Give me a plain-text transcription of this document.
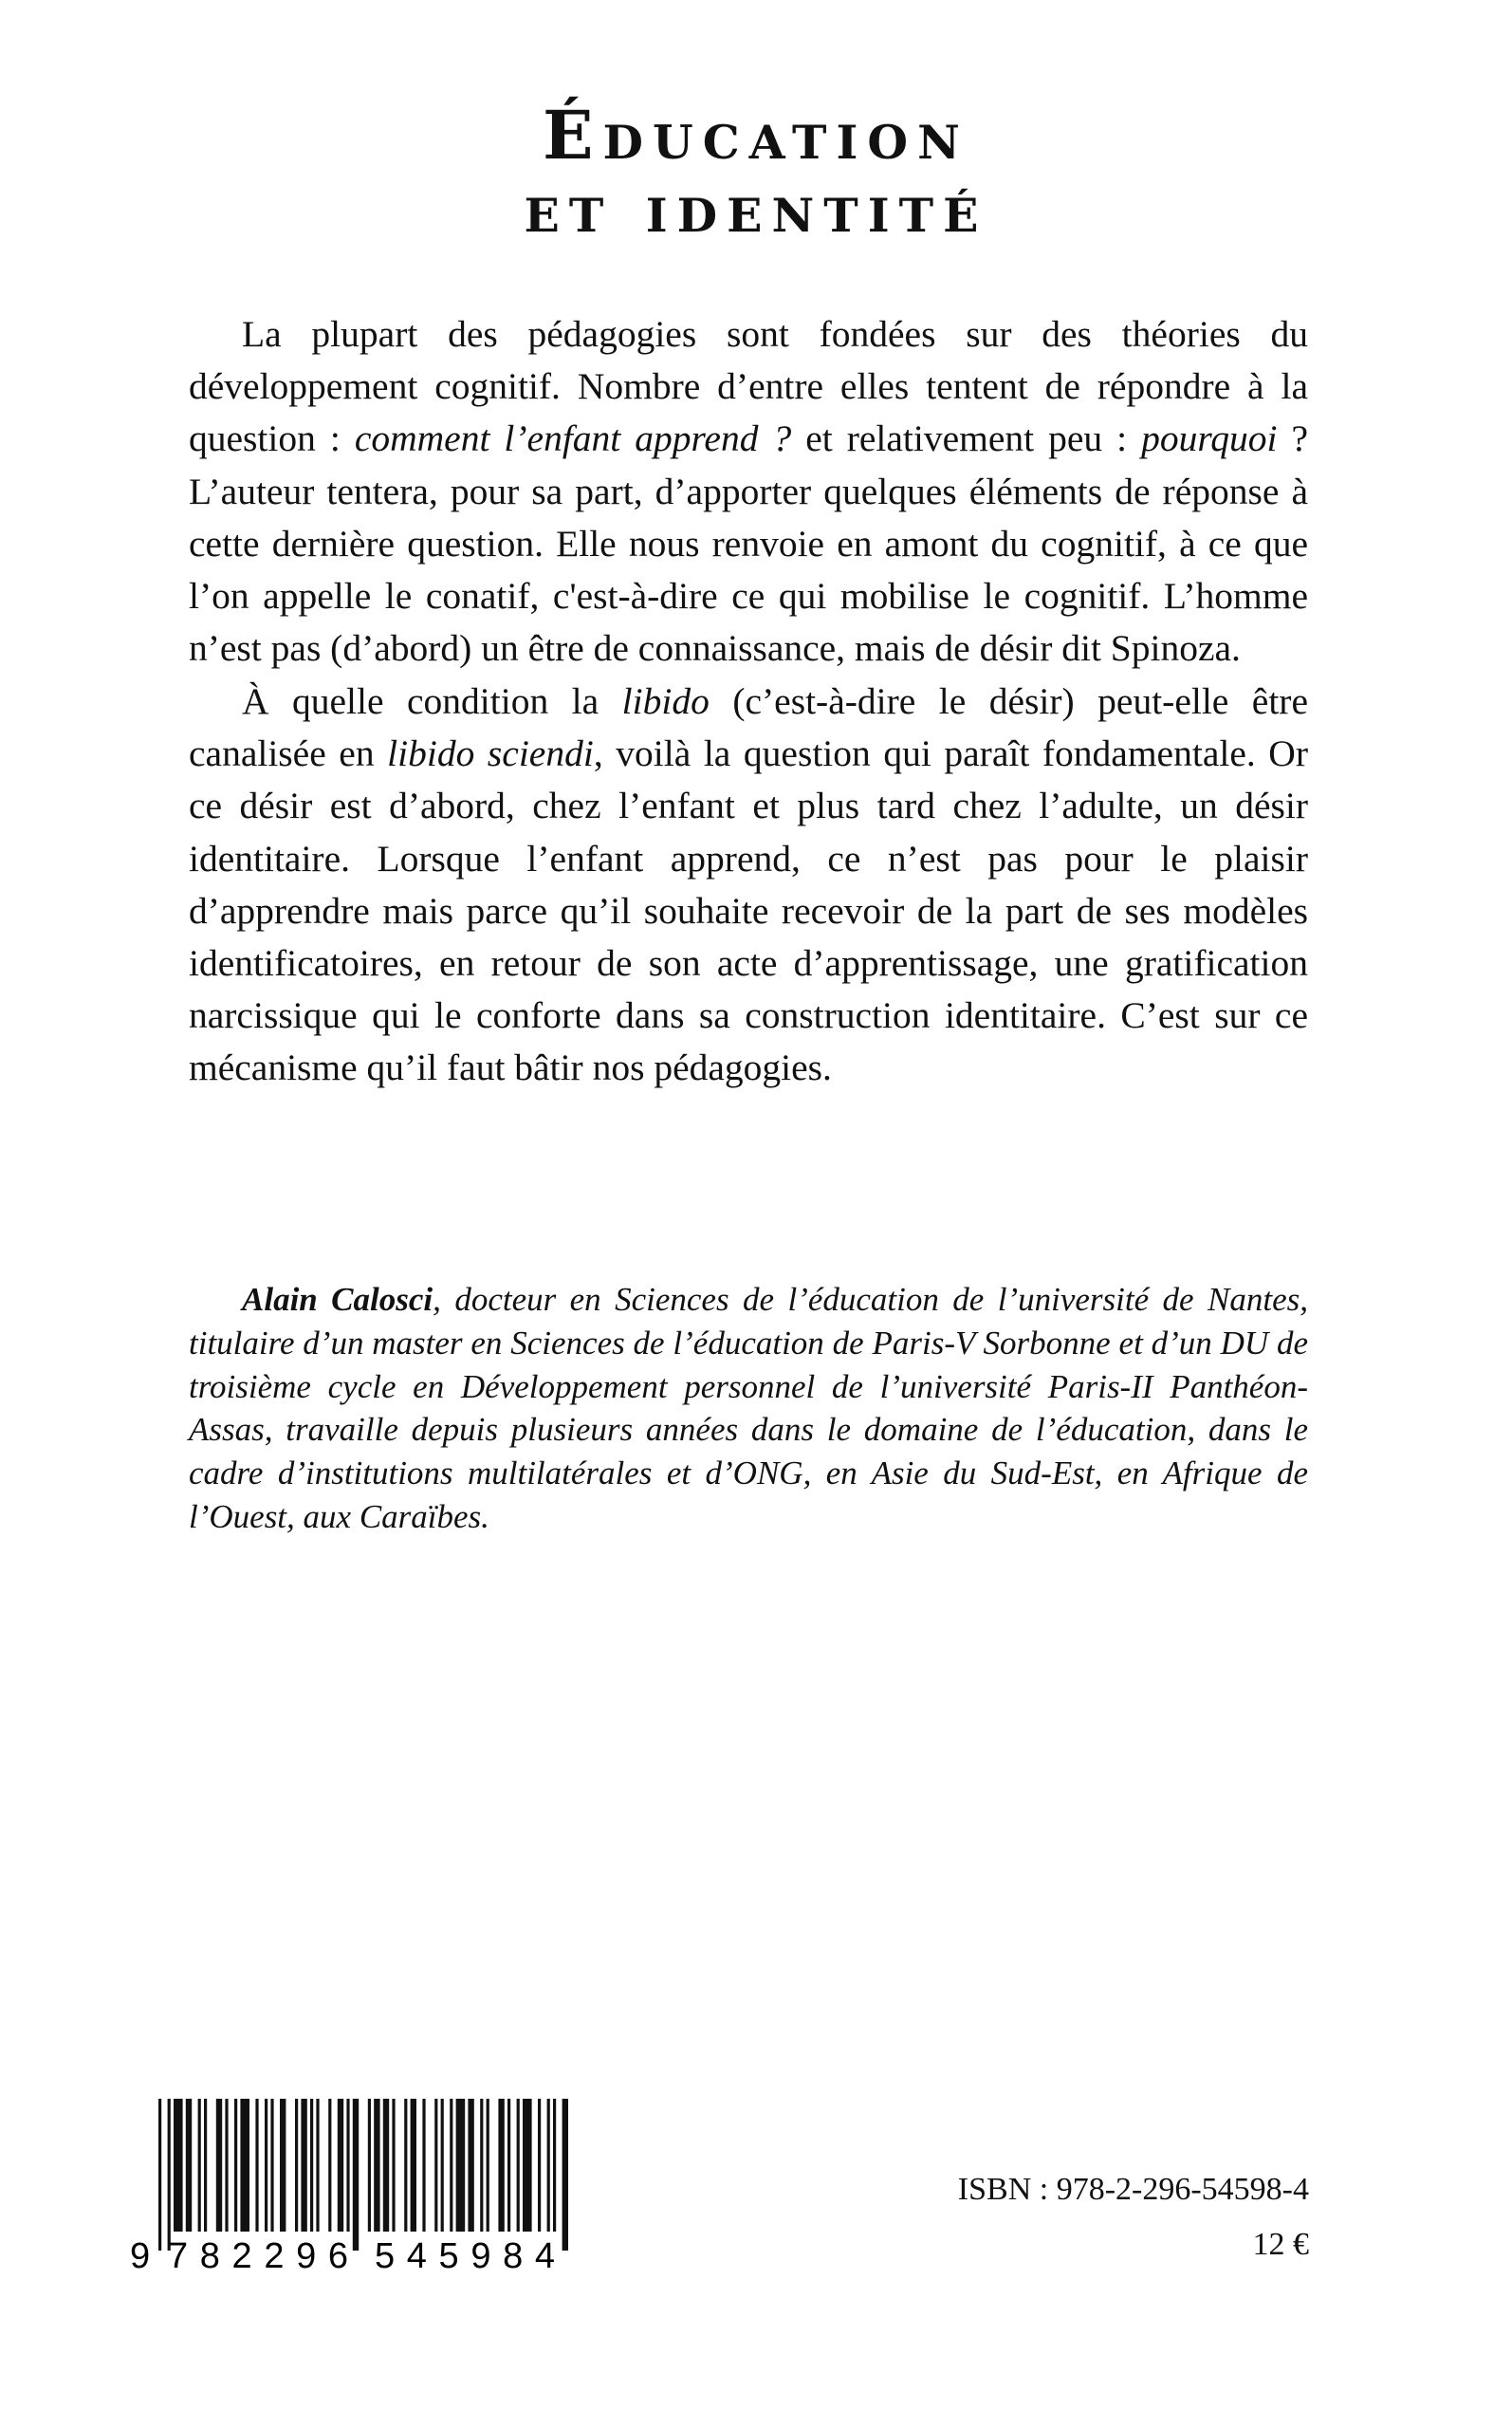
Éducation
et identité

La plupart des pédagogies sont fondées sur des théories du développement cognitif. Nombre d’entre elles tentent de répondre à la question : comment l’enfant apprend ? et relativement peu : pourquoi ? L’auteur tentera, pour sa part, d’apporter quelques éléments de réponse à cette dernière question. Elle nous renvoie en amont du cognitif, à ce que l’on appelle le conatif, c'est-à-dire ce qui mobilise le cognitif. L’homme n’est pas (d’abord) un être de connaissance, mais de désir dit Spinoza.

À quelle condition la libido (c’est-à-dire le désir) peut-elle être canalisée en libido sciendi, voilà la question qui paraît fondamentale. Or ce désir est d’abord, chez l’enfant et plus tard chez l’adulte, un désir identitaire. Lorsque l’enfant apprend, ce n’est pas pour le plaisir d’apprendre mais parce qu’il souhaite recevoir de la part de ses modèles identificatoires, en retour de son acte d’apprentissage, une gratification narcissique qui le conforte dans sa construction identitaire. C’est sur ce mécanisme qu’il faut bâtir nos pédagogies.

Alain Calosci, docteur en Sciences de l’éducation de l’université de Nantes, titulaire d’un master en Sciences de l’éducation de Paris-V Sorbonne et d’un DU de troisième cycle en Développement personnel de l’université Paris-II Panthéon-Assas, travaille depuis plusieurs années dans le domaine de l’éducation, dans le cadre d’institutions multilatérales et d’ONG, en Asie du Sud-Est, en Afrique de l’Ouest, aux Caraïbes.

9 782296 545984

ISBN : 978-2-296-54598-4

12 €
